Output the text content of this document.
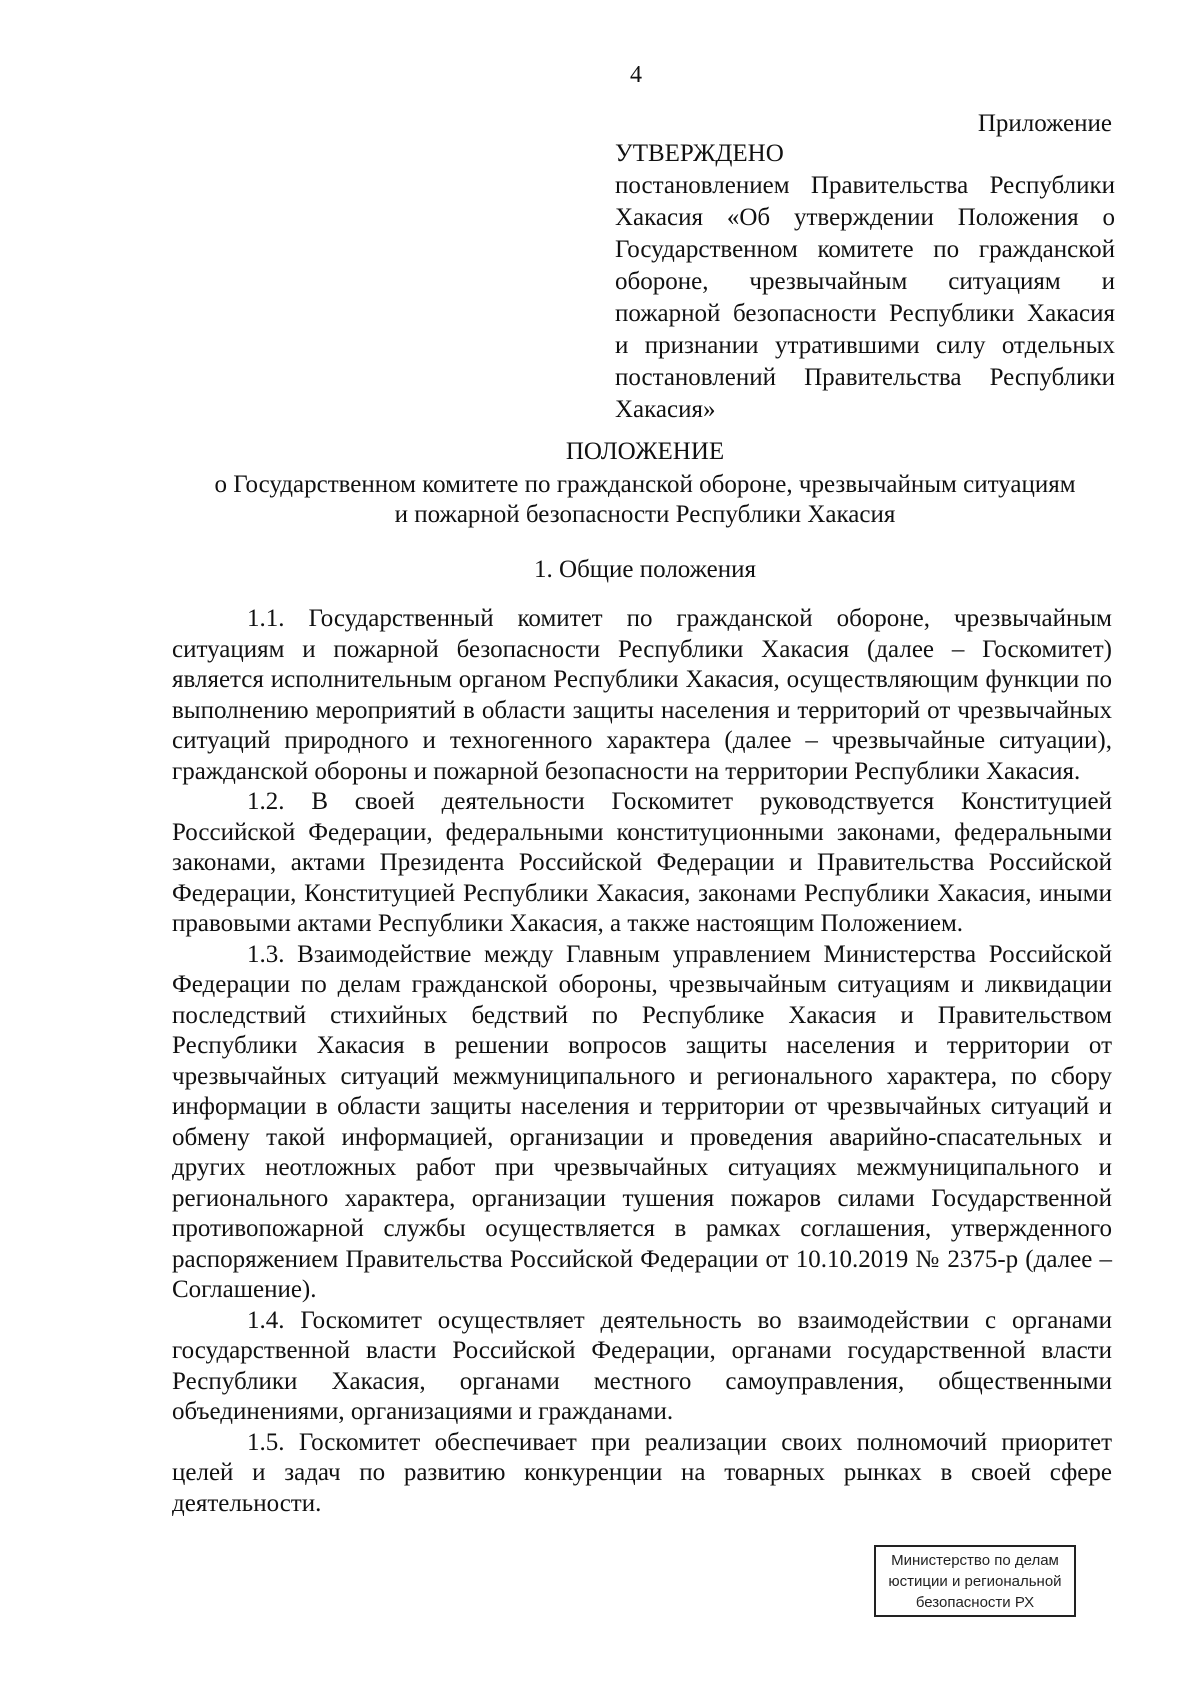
4
Приложение
УТВЕРЖДЕНО
постановлением Правительства Республики Хакасия «Об утверждении Положения о Государственном комитете по гражданской обороне, чрезвычайным ситуациям и пожарной безопасности Республики Хакасия и признании утратившими силу отдельных постановлений Правительства Республики Хакасия»
ПОЛОЖЕНИЕ
о Государственном комитете по гражданской обороне, чрезвычайным ситуациям
и пожарной безопасности Республики Хакасия
1. Общие положения

1.1. Государственный комитет по гражданской обороне, чрезвычайным ситуациям и пожарной безопасности Республики Хакасия (далее – Госкомитет) является исполнительным органом Республики Хакасия, осуществляющим функции по выполнению мероприятий в области защиты населения и территорий от чрезвычайных ситуаций природного и техногенного характера (далее – чрезвычайные ситуации), гражданской обороны и пожарной безопасности на территории Республики Хакасия.

1.2. В своей деятельности Госкомитет руководствуется Конституцией Российской Федерации, федеральными конституционными законами, федеральными законами, актами Президента Российской Федерации и Правительства Российской Федерации, Конституцией Республики Хакасия, законами Республики Хакасия, иными правовыми актами Республики Хакасия, а также настоящим Положением.

1.3. Взаимодействие между Главным управлением Министерства Российской Федерации по делам гражданской обороны, чрезвычайным ситуациям и ликвидации последствий стихийных бедствий по Республике Хакасия и Правительством Республики Хакасия в решении вопросов защиты населения и территории от чрезвычайных ситуаций межмуниципального и регионального характера, по сбору информации в области защиты населения и территории от чрезвычайных ситуаций и обмену такой информацией, организации и проведения аварийно-спасательных и других неотложных работ при чрезвычайных ситуациях межмуниципального и регионального характера, организации тушения пожаров силами Государственной противопожарной службы осуществляется в рамках соглашения, утвержденного распоряжением Правительства Российской Федерации от 10.10.2019 № 2375-р (далее – Соглашение).

1.4. Госкомитет осуществляет деятельность во взаимодействии с органами государственной власти Российской Федерации, органами государственной власти Республики Хакасия, органами местного самоуправления, общественными объединениями, организациями и гражданами.

1.5. Госкомитет обеспечивает при реализации своих полномочий приоритет целей и задач по развитию конкуренции на товарных рынках в своей сфере деятельности.

Министерство по делам
юстиции и региональной
безопасности РХ
